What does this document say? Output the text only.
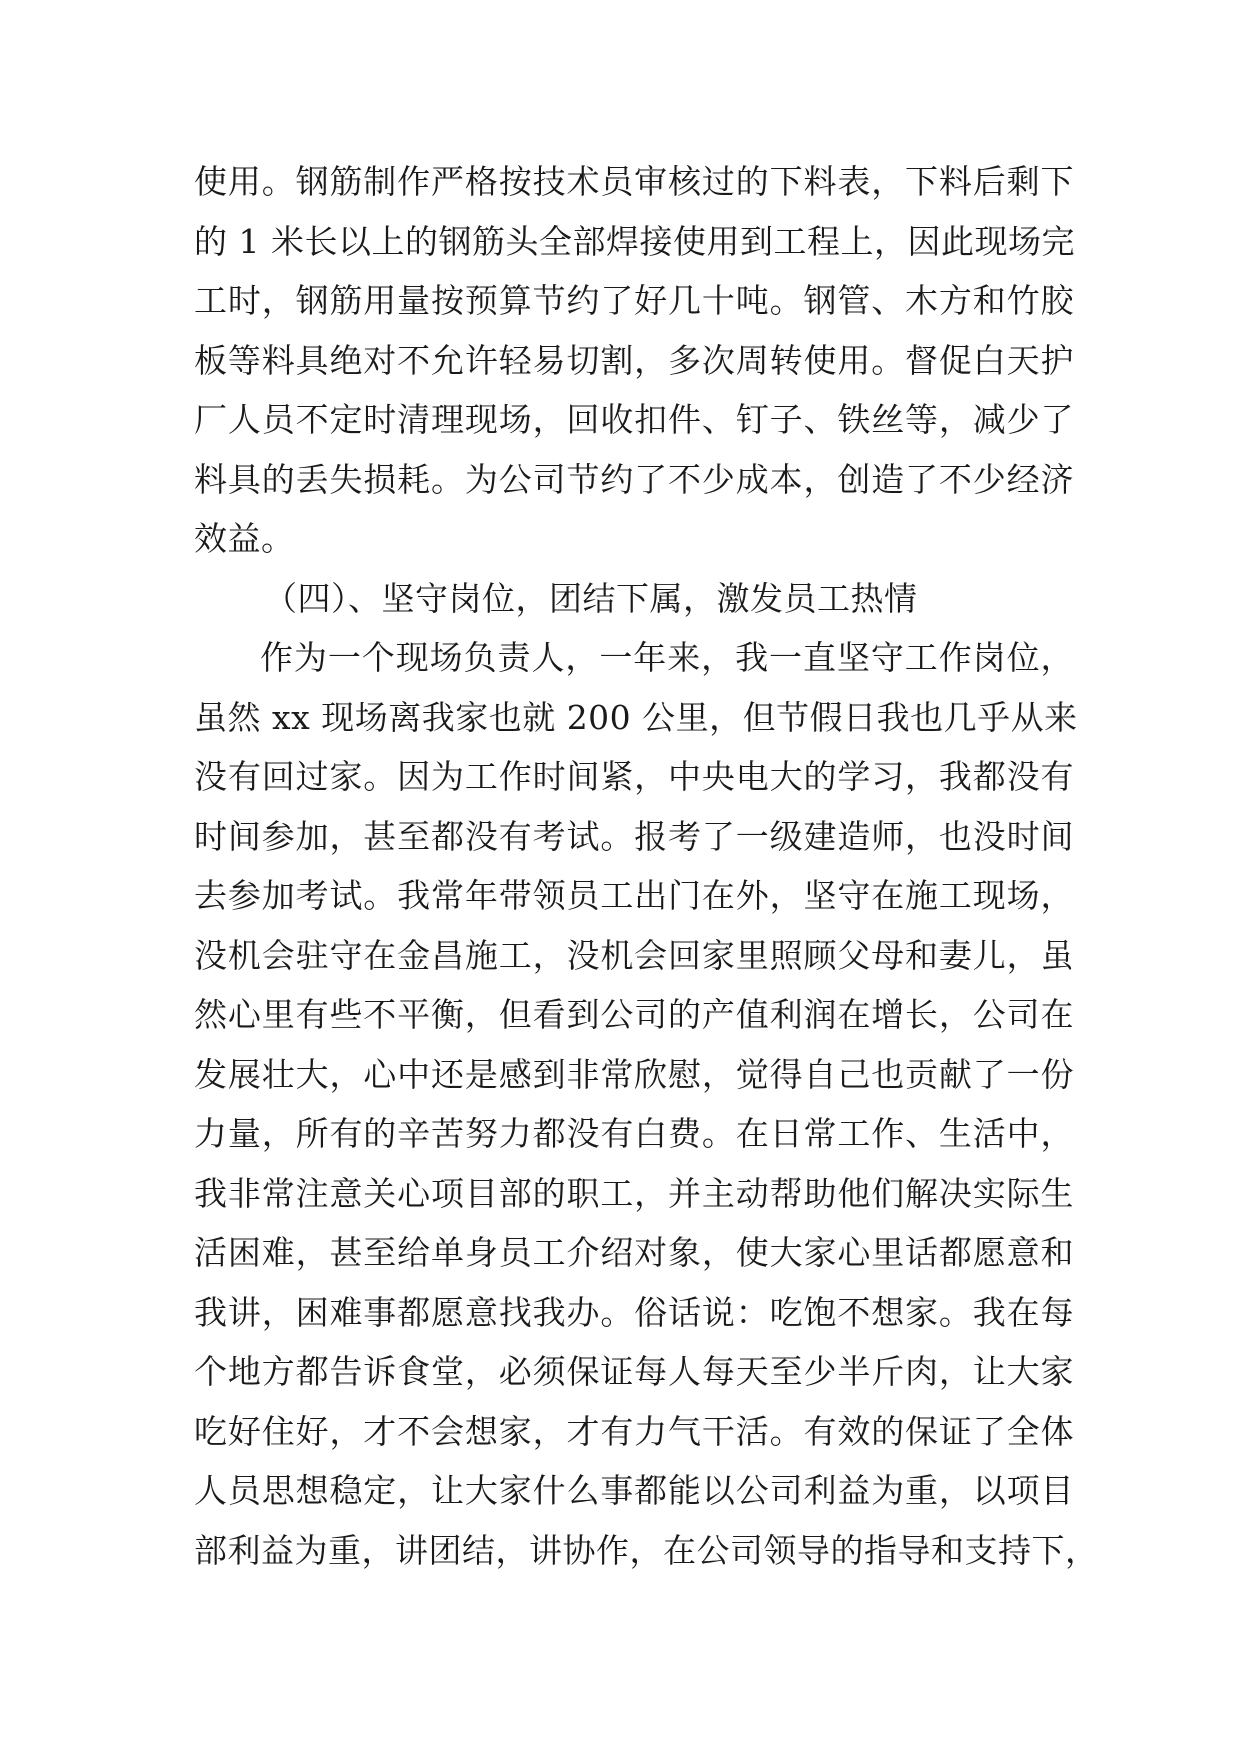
使用。钢筋制作严格按技术员审核过的下料表，下料后剩下
的 1 米长以上的钢筋头全部焊接使用到工程上，因此现场完
工时，钢筋用量按预算节约了好几十吨。钢管、木方和竹胶
板等料具绝对不允许轻易切割，多次周转使用。督促白天护
厂人员不定时清理现场，回收扣件、钉子、铁丝等，减少了
料具的丢失损耗。为公司节约了不少成本，创造了不少经济
效益。
（四）、坚守岗位，团结下属，激发员工热情
作为一个现场负责人，一年来，我一直坚守工作岗位，
虽然 xx 现场离我家也就 200 公里，但节假日我也几乎从来
没有回过家。因为工作时间紧，中央电大的学习，我都没有
时间参加，甚至都没有考试。报考了一级建造师，也没时间
去参加考试。我常年带领员工出门在外，坚守在施工现场，
没机会驻守在金昌施工，没机会回家里照顾父母和妻儿，虽
然心里有些不平衡，但看到公司的产值利润在增长，公司在
发展壮大，心中还是感到非常欣慰，觉得自己也贡献了一份
力量，所有的辛苦努力都没有白费。在日常工作、生活中，
我非常注意关心项目部的职工，并主动帮助他们解决实际生
活困难，甚至给单身员工介绍对象，使大家心里话都愿意和
我讲，困难事都愿意找我办。俗话说：吃饱不想家。我在每
个地方都告诉食堂，必须保证每人每天至少半斤肉，让大家
吃好住好，才不会想家，才有力气干活。有效的保证了全体
人员思想稳定，让大家什么事都能以公司利益为重，以项目
部利益为重，讲团结，讲协作，在公司领导的指导和支持下，
